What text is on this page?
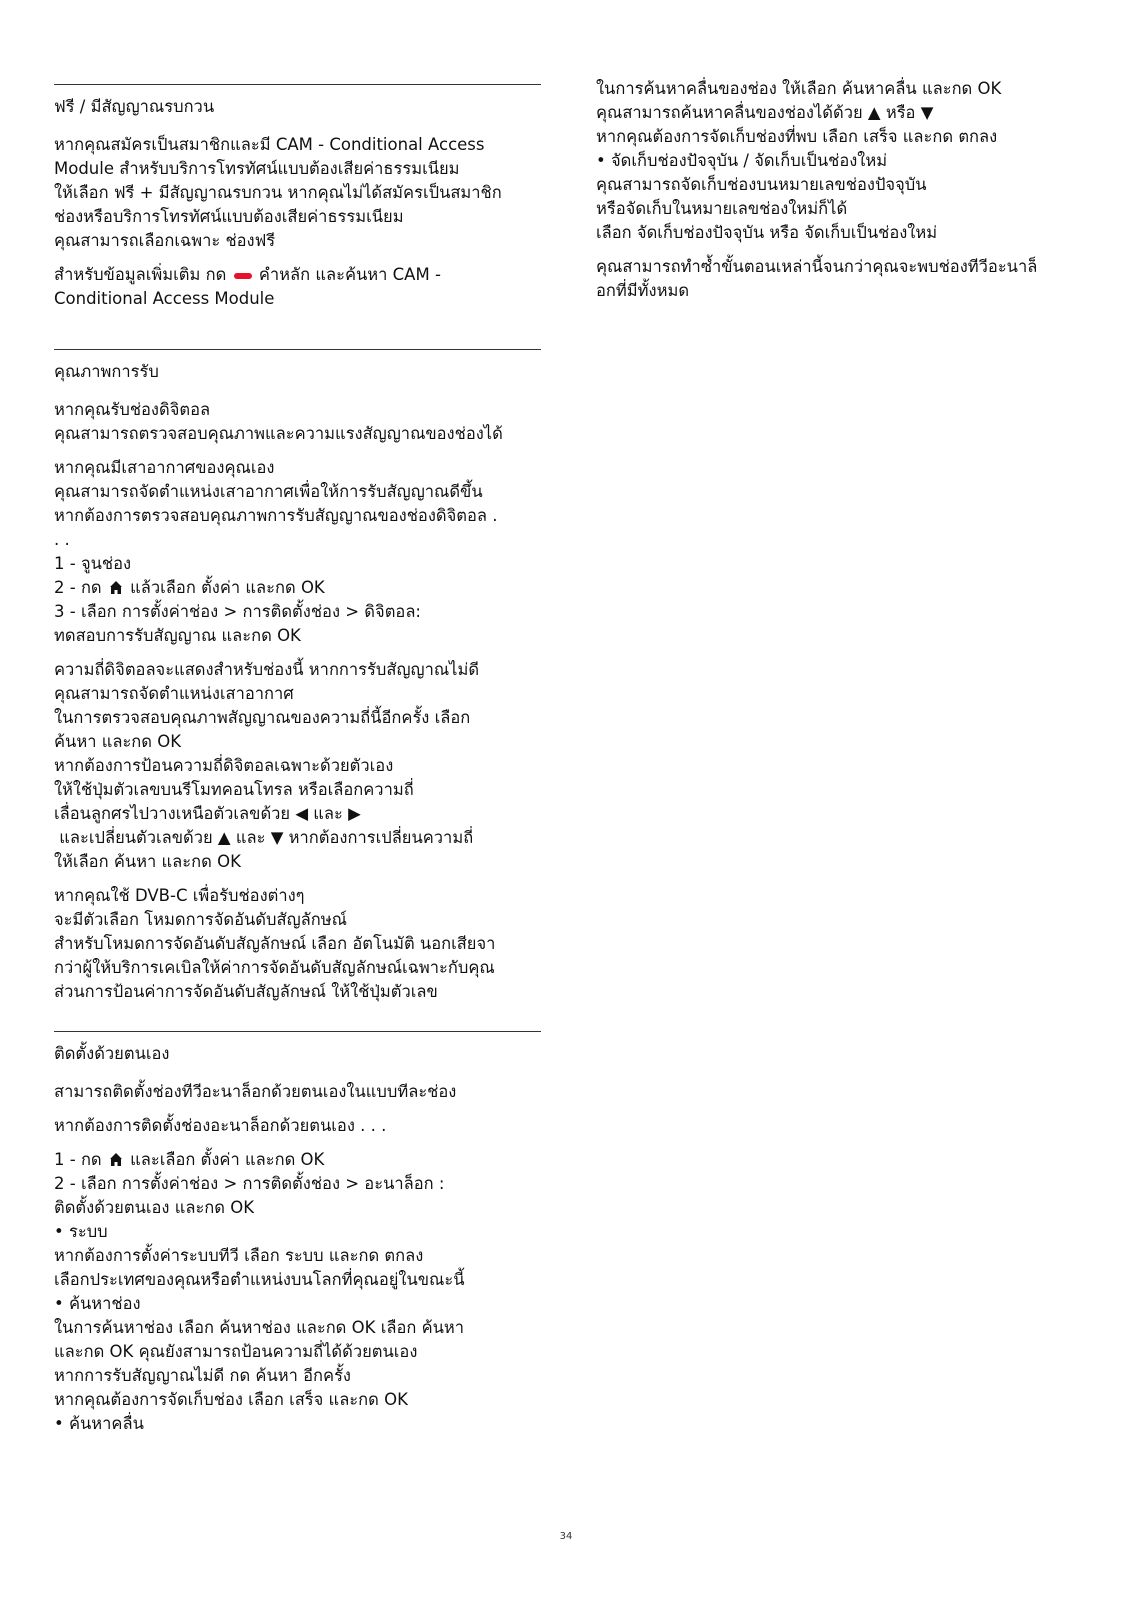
ฟรี / มีสัญญาณรบกวน
หากคุณสมัครเป็นสมาชิกและมี CAM - Conditional Access
Module สำหรับบริการโทรทัศน์แบบต้องเสียค่าธรรมเนียม
ให้เลือก ฟรี + มีสัญญาณรบกวน หากคุณไม่ได้สมัครเป็นสมาชิก
ช่องหรือบริการโทรทัศน์แบบต้องเสียค่าธรรมเนียม
คุณสามารถเลือกเฉพาะ ช่องฟรี
สำหรับข้อมูลเพิ่มเติม กด คำหลัก และค้นหา CAM -
Conditional Access Module
คุณภาพการรับ
หากคุณรับช่องดิจิตอล
คุณสามารถตรวจสอบคุณภาพและความแรงสัญญาณของช่องได้
หากคุณมีเสาอากาศของคุณเอง
คุณสามารถจัดตำแหน่งเสาอากาศเพื่อให้การรับสัญญาณดีขึ้น
หากต้องการตรวจสอบคุณภาพการรับสัญญาณของช่องดิจิตอล .
. .
1 - จูนช่อง
2 - กด แล้วเลือก ตั้งค่า และกด OK
3 - เลือก การตั้งค่าช่อง > การติดตั้งช่อง > ดิจิตอล:
ทดสอบการรับสัญญาณ และกด OK
ความถี่ดิจิตอลจะแสดงสำหรับช่องนี้ หากการรับสัญญาณไม่ดี
คุณสามารถจัดตำแหน่งเสาอากาศ
ในการตรวจสอบคุณภาพสัญญาณของความถี่นี้อีกครั้ง เลือก
ค้นหา และกด OK
หากต้องการป้อนความถี่ดิจิตอลเฉพาะด้วยตัวเอง
ให้ใช้ปุ่มตัวเลขบนรีโมทคอนโทรล หรือเลือกความถี่
เลื่อนลูกศรไปวางเหนือตัวเลขด้วย ◀ และ ▶
และเปลี่ยนตัวเลขด้วย ▲ และ ▼ หากต้องการเปลี่ยนความถี่
ให้เลือก ค้นหา และกด OK
หากคุณใช้ DVB-C เพื่อรับช่องต่างๆ
จะมีตัวเลือก โหมดการจัดอันดับสัญลักษณ์
สำหรับโหมดการจัดอันดับสัญลักษณ์ เลือก อัตโนมัติ นอกเสียจา
กว่าผู้ให้บริการเคเบิลให้ค่าการจัดอันดับสัญลักษณ์เฉพาะกับคุณ
ส่วนการป้อนค่าการจัดอันดับสัญลักษณ์ ให้ใช้ปุ่มตัวเลข
ติดตั้งด้วยตนเอง
สามารถติดตั้งช่องทีวีอะนาล็อกด้วยตนเองในแบบทีละช่อง
หากต้องการติดตั้งช่องอะนาล็อกด้วยตนเอง . . .
1 - กด และเลือก ตั้งค่า และกด OK
2 - เลือก การตั้งค่าช่อง > การติดตั้งช่อง > อะนาล็อก :
ติดตั้งด้วยตนเอง และกด OK
• ระบบ
หากต้องการตั้งค่าระบบทีวี เลือก ระบบ และกด ตกลง
เลือกประเทศของคุณหรือตำแหน่งบนโลกที่คุณอยู่ในขณะนี้
• ค้นหาช่อง
ในการค้นหาช่อง เลือก ค้นหาช่อง และกด OK เลือก ค้นหา
และกด OK คุณยังสามารถป้อนความถี่ได้ด้วยตนเอง
หากการรับสัญญาณไม่ดี กด ค้นหา อีกครั้ง
หากคุณต้องการจัดเก็บช่อง เลือก เสร็จ และกด OK
• ค้นหาคลื่น
ในการค้นหาคลื่นของช่อง ให้เลือก ค้นหาคลื่น และกด OK
คุณสามารถค้นหาคลื่นของช่องได้ด้วย ▲ หรือ ▼
หากคุณต้องการจัดเก็บช่องที่พบ เลือก เสร็จ และกด ตกลง
• จัดเก็บช่องปัจจุบัน / จัดเก็บเป็นช่องใหม่
คุณสามารถจัดเก็บช่องบนหมายเลขช่องปัจจุบัน
หรือจัดเก็บในหมายเลขช่องใหม่ก็ได้
เลือก จัดเก็บช่องปัจจุบัน หรือ จัดเก็บเป็นช่องใหม่
คุณสามารถทำซ้ำขั้นตอนเหล่านี้จนกว่าคุณจะพบช่องทีวีอะนาล็
อกที่มีทั้งหมด
34
